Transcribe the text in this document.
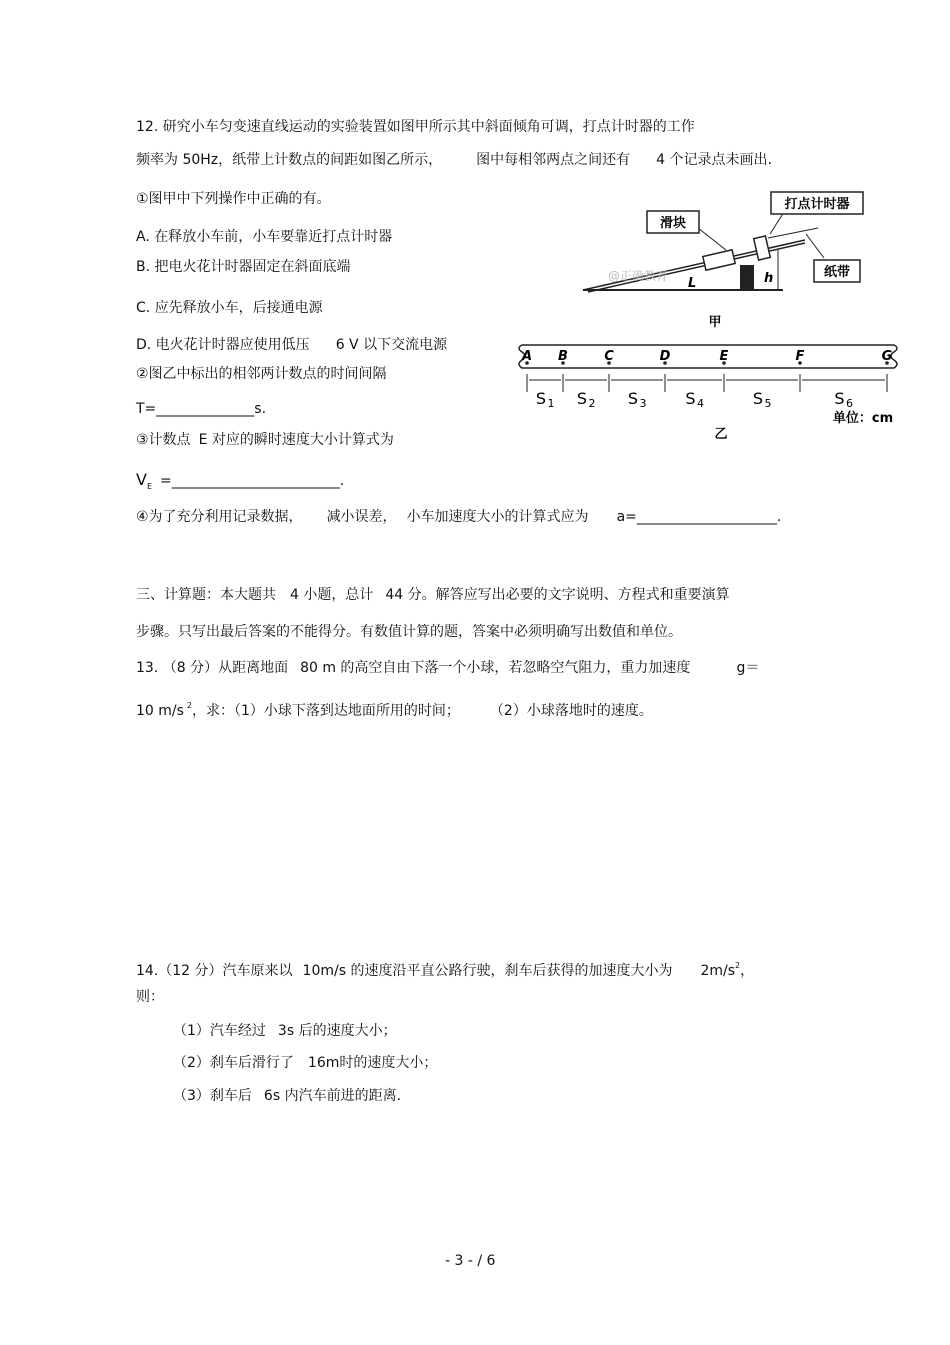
12. 研究小车匀变速直线运动的实验装置如图甲所示其中斜面倾角可调，打点计时器的工作
频率为 50Hz，纸带上计数点的间距如图乙所示， 图中每相邻两点之间还有 4 个记录点未画出.
①图甲中下列操作中正确的有。
A. 在释放小车前，小车要靠近打点计时器
B. 把电火花计时器固定在斜面底端
C. 应先释放小车，后接通电源
D. 电火花计时器应使用低压 6 V 以下交流电源
②图乙中标出的相邻两计数点的时间间隔
T=______________s.
③计数点 E 对应的瞬时速度大小计算式为
$V_E$ =________________________.
④为了充分利用记录数据， 减小误差， 小车加速度大小的计算式应为 a=____________________.
滑块
打点计时器
纸带
L	h
@正确教育
甲
A B	C	D	E	F	G
S 1 S 2 S 3 S 4	S 5	S 6
单位：cm
乙
三、计算题：本大题共 4 小题，总计 44 分。解答应写出必要的文字说明、方程式和重要演算
步骤。只写出最后答案的不能得分。有数值计算的题，答案中必须明确写出数值和单位。
13. （8 分）从距离地面 80 m 的高空自由下落一个小球，若忽略空气阻力，重力加速度	g＝
10 m/s $^2$，求：（1）小球下落到达地面所用的时间； （2）小球落地时的速度。
14.（12 分）汽车原来以 10m/s 的速度沿平直公路行驶，刹车后获得的加速度大小为 $2m/s^2$，
则：
（1）汽车经过 3s 后的速度大小；
（2）刹车后滑行了 16m时的速度大小；
（3）刹车后 6s 内汽车前进的距离.
- 3 - / 6
